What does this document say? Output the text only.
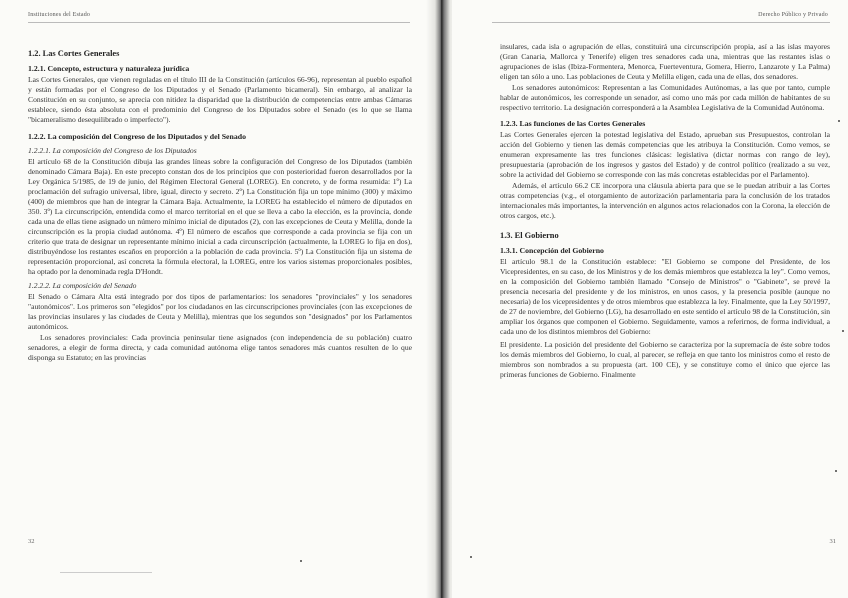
Instituciones del Estado
1.2. Las Cortes Generales
1.2.1. Concepto, estructura y naturaleza jurídica

Las Cortes Generales, que vienen reguladas en el título III de la Constitución (artículos 66-96), representan al pueblo español y están formadas por el Congreso de los Diputados y el Senado (Parlamento bicameral). Sin embargo, al analizar la Constitución en su conjunto, se aprecia con nitidez la disparidad que la distribución de competencias entre ambas Cámaras establece, siendo ésta absoluta con el predominio del Congreso de los Diputados sobre el Senado (es lo que se llama "bicameralismo desequilibrado o imperfecto").

1.2.2. La composición del Congreso de los Diputados y del Senado
1.2.2.1. La composición del Congreso de los Diputados

El artículo 68 de la Constitución dibuja las grandes líneas sobre la configuración del Congreso de los Diputados (también denominado Cámara Baja). En este precepto constan dos de los principios que con posterioridad fueron desarrollados por la Ley Orgánica 5/1985, de 19 de junio, del Régimen Electoral General (LOREG). En concreto, y de forma resumida: 1º) La proclamación del sufragio universal, libre, igual, directo y secreto. 2º) La Constitución fija un tope mínimo (300) y máximo (400) de miembros que han de integrar la Cámara Baja. Actualmente, la LOREG ha establecido el número de diputados en 350. 3º) La circunscripción, entendida como el marco territorial en el que se lleva a cabo la elección, es la provincia, donde cada una de ellas tiene asignado un número mínimo inicial de diputados (2), con las excepciones de Ceuta y Melilla, donde la circunscripción es la propia ciudad autónoma. 4º) El número de escaños que corresponde a cada provincia se fija con un criterio que trata de designar un representante mínimo inicial a cada circunscripción (actualmente, la LOREG lo fija en dos), distribuyéndose los restantes escaños en proporción a la población de cada provincia. 5º) La Constitución fija un sistema de representación proporcional, así concreta la fórmula electoral, la LOREG, entre los varios sistemas proporcionales posibles, ha optado por la denominada regla D'Hondt.

1.2.2.2. La composición del Senado

El Senado o Cámara Alta está integrado por dos tipos de parlamentarios: los senadores "provinciales" y los senadores "autonómicos". Los primeros son "elegidos" por los ciudadanos en las circunscripciones provinciales (con las excepciones de las provincias insulares y las ciudades de Ceuta y Melilla), mientras que los segundos son "designados" por los Parlamentos autonómicos.

Los senadores provinciales: Cada provincia peninsular tiene asignados (con independencia de su población) cuatro senadores, a elegir de forma directa, y cada comunidad autónoma elige tantos senadores más cuantos resulten de lo que disponga su Estatuto; en las provincias

32
Derecho Público y Privado

insulares, cada isla o agrupación de ellas, constituirá una circunscripción propia, así a las islas mayores (Gran Canaria, Mallorca y Tenerife) eligen tres senadores cada una, mientras que las restantes islas o agrupaciones de islas (Ibiza-Formentera, Menorca, Fuerteventura, Gomera, Hierro, Lanzarote y La Palma) eligen tan sólo a uno. Las poblaciones de Ceuta y Melilla eligen, cada una de ellas, dos senadores.

Los senadores autonómicos: Representan a las Comunidades Autónomas, a las que por tanto, cumple hablar de autonómicos, les corresponde un senador, así como uno más por cada millón de habitantes de su respectivo territorio. La designación corresponderá a la Asamblea Legislativa de la Comunidad Autónoma.

1.2.3. Las funciones de las Cortes Generales

Las Cortes Generales ejercen la potestad legislativa del Estado, aprueban sus Presupuestos, controlan la acción del Gobierno y tienen las demás competencias que les atribuya la Constitución. Como vemos, se enumeran expresamente las tres funciones clásicas: legislativa (dictar normas con rango de ley), presupuestaria (aprobación de los ingresos y gastos del Estado) y de control político (realizado a su vez, sobre la actividad del Gobierno se corresponde con las más concretas establecidas por el Parlamento).

Además, el artículo 66.2 CE incorpora una cláusula abierta para que se le puedan atribuir a las Cortes otras competencias (v.g., el otorgamiento de autorización parlamentaria para la conclusión de los tratados internacionales más importantes, la intervención en algunos actos relacionados con la Corona, la elección de otros cargos, etc.).

1.3. El Gobierno
1.3.1. Concepción del Gobierno

El artículo 98.1 de la Constitución establece: "El Gobierno se compone del Presidente, de los Vicepresidentes, en su caso, de los Ministros y de los demás miembros que establezca la ley". Como vemos, en la composición del Gobierno también llamado "Consejo de Ministros" o "Gabinete", se prevé la presencia necesaria del presidente y de los ministros, en unos casos, y la presencia posible (aunque no necesaria) de los vicepresidentes y de otros miembros que establezca la ley. Finalmente, que la Ley 50/1997, de 27 de noviembre, del Gobierno (LG), ha desarrollado en este sentido el artículo 98 de la Constitución, sin ampliar los órganos que componen el Gobierno. Seguidamente, vamos a referirnos, de forma individual, a cada uno de los distintos miembros del Gobierno:

El presidente. La posición del presidente del Gobierno se caracteriza por la supremacía de éste sobre todos los demás miembros del Gobierno, lo cual, al parecer, se refleja en que tanto los ministros como el resto de miembros son nombrados a su propuesta (art. 100 CE), y se constituye como el único que ejerce las primeras funciones de Gobierno. Finalmente

31
